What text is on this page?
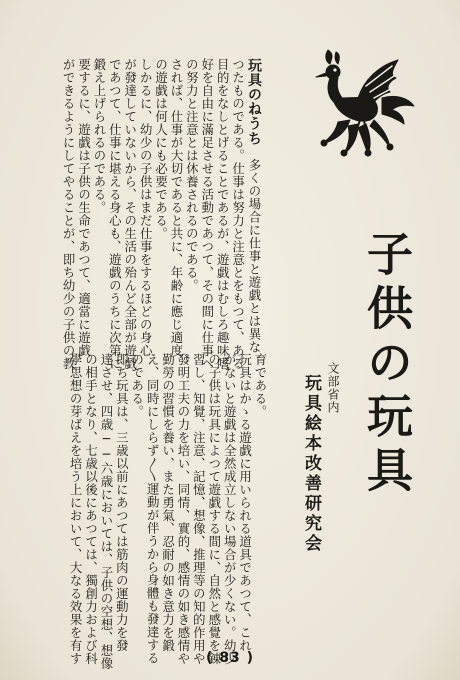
子供の玩具
文部省内
玩具絵本改善研究会
玩具のねうち　多くの場合に仕事と遊戯とは異な
つたものである。仕事は努力と注意とをもつて、ある
目的をなしとげることであるが、遊戯はむしろ趣味嗜
好を自由に滿足させる活動であつて、その間に仕事へ
の努力と注意とは休養されるのである。
されば、仕事が大切であると共に、年齢に應じ適度
の遊戯は何人にも必要である。
しかるに、幼少の子供はまだ仕事をするほどの身心
が發達していないから、その生活の殆んど全部が遊戯
であつて、仕事に堪える身心も、遊戯のうちに次第に
鍛え上げられるのである。
要するに、遊戯は子供の生命であつて、適當に遊戯
ができるようにしてやることが、即ち幼少の子供の教
育である。
玩具はかゝる遊戯に用いられる道具であつて、これ
がないと遊戯は全然成立しない場合が少くない。幼少
の子供は玩具によつて遊戯する間に、自然と感覺を錬
習し、知覺、注意、記憶、想像、推理等の知的作用や
發明工夫の力を培い、同情、實的、感情の如き感情や
勤勞の習慣を養い、また勇氣、忍耐の如き意力を鍛
え、同時にしらず〳〵運動が伴うから身體も發達する
のである。
即ち玩具は、三歳以前にあつては筋肉の運動力を發
達させ、四歳──六歳においては、子供の空想、想像
の相手となり、七歳以後にあつては、獨創力および科
學思想の芽ばえを培う上において、大なる效果を有す	( 83 )
